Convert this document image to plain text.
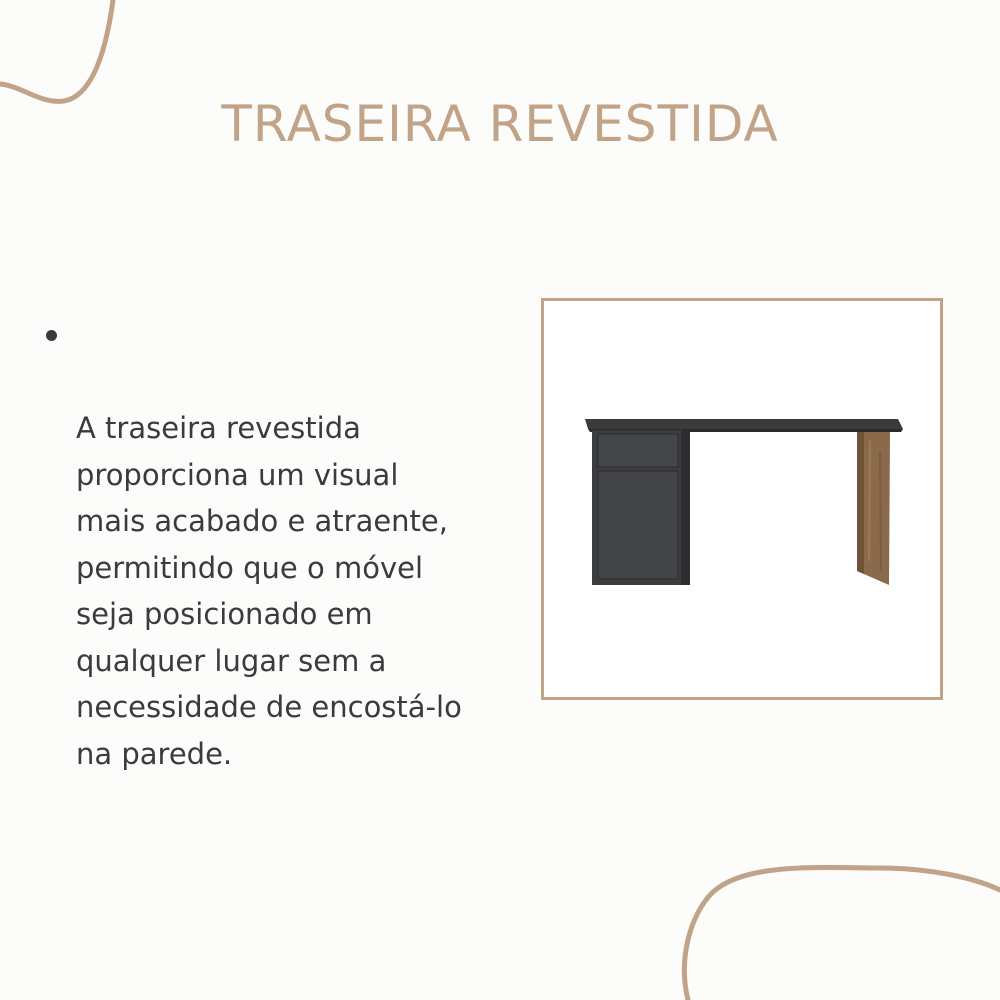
TRASEIRA REVESTIDA

A traseira revestida
proporciona um visual
mais acabado e atraente,
permitindo que o móvel
seja posicionado em
qualquer lugar sem a
necessidade de encostá-lo
na parede.
